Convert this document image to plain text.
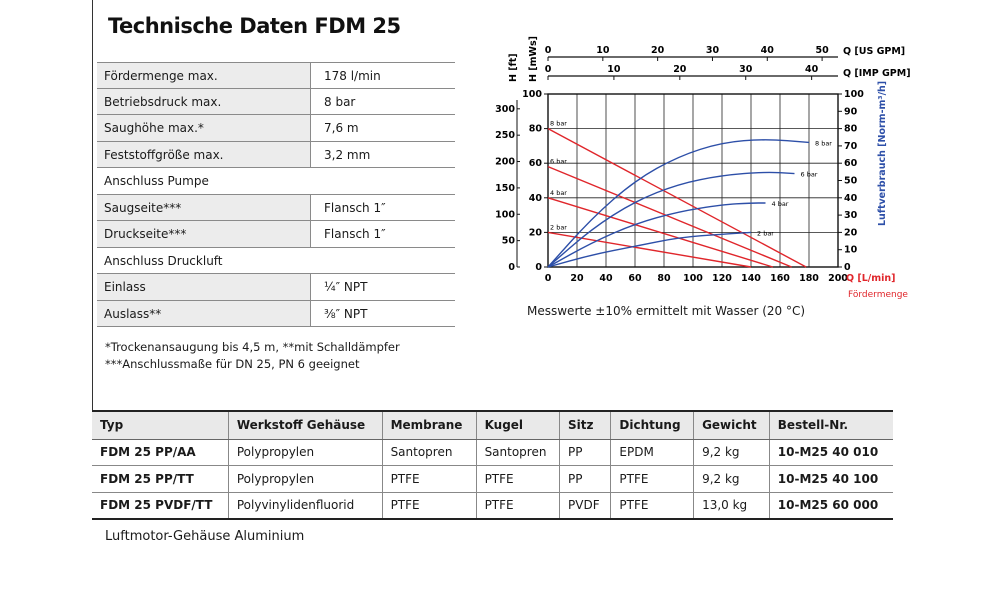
Technische Daten FDM 25
Fördermenge max.	178 l/min
Betriebsdruck max.	8 bar
Saughöhe max.*	7,6 m
Feststoffgröße max.	3,2 mm
Anschluss Pumpe
Saugseite***	Flansch 1″
Druckseite***	Flansch 1″
Anschluss Druckluft
Einlass	¼″ NPT
Auslass**	⅜″ NPT
*Trockenansaugung bis 4,5 m, **mit Schalldämpfer
***Anschlussmaße für DN 25, PN 6 geeignet
0 20 40 60 80 100 120 140 160 180 200
Q [L/min]
Fördermenge
0	10	20	30	40	50
0	10	20	30	40
Q [US GPM]
Q [IMP GPM]
0
20
40
60
80
100
0
50
100
150
200
250
300
H [ft] H [mWs]
0
10
20
30
40
50
60
70
80
90
100 Luftverbrauch [Norm-m³/h]
8 bar
6 bar
4 bar
2 bar
8 bar
6 bar
4 bar
2 bar
Messwerte ±10% ermittelt mit Wasser (20 °C)
Typ	Werkstoff Gehäuse	Membrane	Kugel	Sitz	Dichtung	Gewicht	Bestell-Nr.
FDM 25 PP/AA	Polypropylen	Santopren	Santopren	PP	EPDM	9,2 kg	10-M25 40 010
FDM 25 PP/TT	Polypropylen	PTFE	PTFE	PP	PTFE	9,2 kg	10-M25 40 100
FDM 25 PVDF/TT	Polyvinylidenfluorid	PTFE	PTFE	PVDF	PTFE	13,0 kg	10-M25 60 000
Luftmotor-Gehäuse Aluminium
